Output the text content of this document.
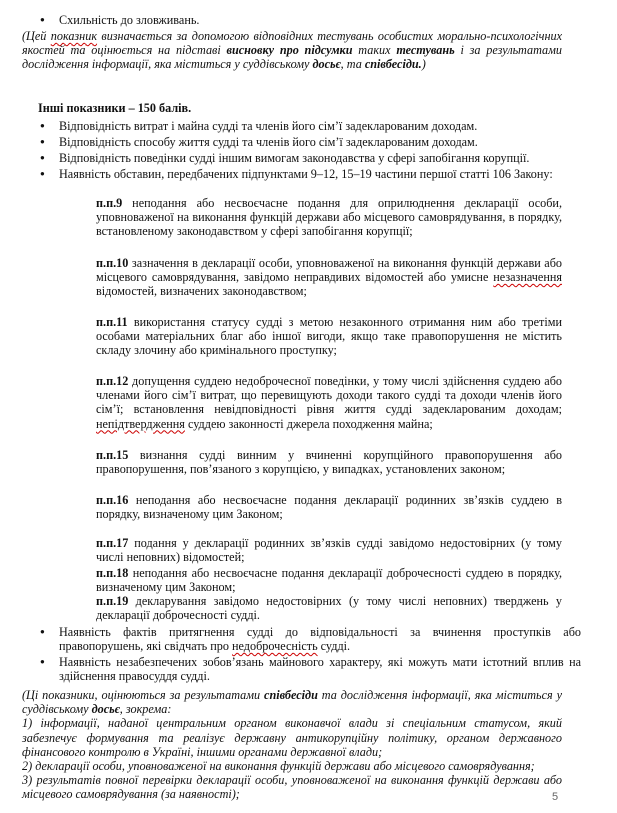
● Схильність до зловживань.
(Цей показник визначається за допомогою відповідних тестувань особистих морально-психологічних якостей та оцінюється на підставі висновку про підсумки таких тестувань і за результатами дослідження інформації, яка міститься у суддівському досьє, та співбесіди.)
Інші показники – 150 балів.
● Відповідність витрат і майна судді та членів його сім’ї задекларованим доходам.
● Відповідність способу життя судді та членів його сім’ї задекларованим доходам.
● Відповідність поведінки судді іншим вимогам законодавства у сфері запобігання корупції.
● Наявність обставин, передбачених підпунктами 9–12, 15–19 частини першої статті 106 Закону:
п.п.9 неподання або несвоєчасне подання для оприлюднення декларації особи, уповноваженої на виконання функцій держави або місцевого самоврядування, в порядку, встановленому законодавством у сфері запобігання корупції;
п.п.10 зазначення в декларації особи, уповноваженої на виконання функцій держави або місцевого самоврядування, завідомо неправдивих відомостей або умисне незазначення відомостей, визначених законодавством;
п.п.11 використання статусу судді з метою незаконного отримання ним або третіми особами матеріальних благ або іншої вигоди, якщо таке правопорушення не містить складу злочину або кримінального проступку;
п.п.12 допущення суддею недоброчесної поведінки, у тому числі здійснення суддею або членами його сім’ї витрат, що перевищують доходи такого судді та доходи членів його сім’ї; встановлення невідповідності рівня життя судді задекларованим доходам; непідтвердження суддею законності джерела походження майна;
п.п.15 визнання судді винним у вчиненні корупційного правопорушення або правопорушення, пов’язаного з корупцією, у випадках, установлених законом;
п.п.16 неподання або несвоєчасне подання декларації родинних зв’язків суддею в порядку, визначеному цим Законом;
п.п.17 подання у декларації родинних зв’язків судді завідомо недостовірних (у тому числі неповних) відомостей;
п.п.18 неподання або несвоєчасне подання декларації доброчесності суддею в порядку, визначеному цим Законом;
п.п.19 декларування завідомо недостовірних (у тому числі неповних) тверджень у декларації доброчесності судді.
● Наявність фактів притягнення судді до відповідальності за вчинення проступків або правопорушень, які свідчать про недоброчесність судді.
● Наявність незабезпечених зобов’язань майнового характеру, які можуть мати істотний вплив на здійснення правосуддя судді.
(Ці показники, оцінюються за результатами співбесіди та дослідження інформації, яка міститься у суддівському досьє, зокрема:
1) інформації, наданої центральним органом виконавчої влади зі спеціальним статусом, який забезпечує формування та реалізує державну антикорупційну політику, органом державного фінансового контролю в Україні, іншими органами державної влади;
2) декларації особи, уповноваженої на виконання функцій держави або місцевого самоврядування;
3) результатів повної перевірки декларації особи, уповноваженої на виконання функцій держави або місцевого самоврядування (за наявності);	5
